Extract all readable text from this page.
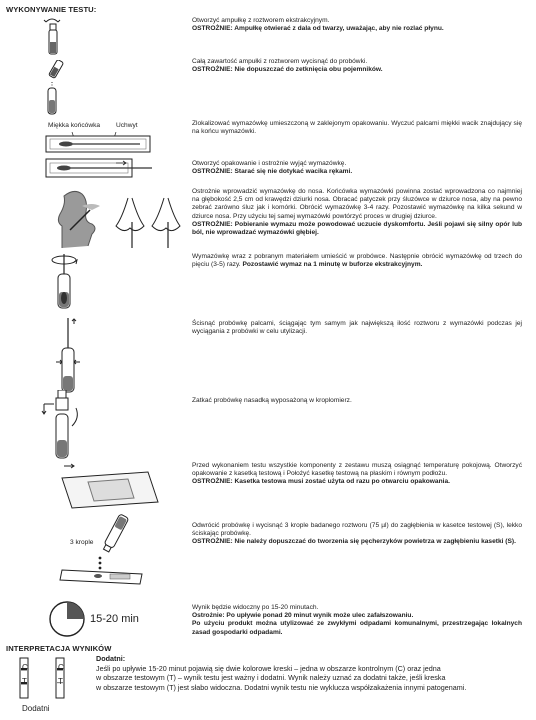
WYKONYWANIE TESTU:
Miękka końcówka Uchwyt
3 krople
15-20 min

Otworzyć ampułkę z roztworem ekstrakcyjnym.

OSTROŻNIE: Ampułkę otwierać z dala od twarzy, uważając, aby nie rozlać płynu.

Całą zawartość ampułki z roztworem wycisnąć do probówki.

OSTROŻNIE: Nie dopuszczać do zetknięcia obu pojemników.

Zlokalizować wymazówkę umieszczoną w zaklejonym opakowaniu. Wyczuć palcami miękki wacik znajdujący się na końcu wymazówki.

Otworzyć opakowanie i ostrożnie wyjąć wymazówkę.

OSTROŻNIE: Starać się nie dotykać wacika rękami.

Ostrożnie wprowadzić wymazówkę do nosa. Końcówka wymazówki powinna zostać wprowadzona co najmniej na głębokość 2,5 cm od krawędzi dziurki nosa. Obracać patyczek przy śluzówce w dziurce nosa, aby na pewno zebrać zarówno śluz jak i komórki. Obrócić wymazówkę 3-4 razy. Pozostawić wymazówkę na kilka sekund w dziurce nosa. Przy użyciu tej samej wymazówki powtórzyć proces w drugiej dziurce.

OSTROŻNIE: Pobieranie wymazu może powodować uczucie dyskomfortu. Jeśli pojawi się silny opór lub ból, nie wprowadzać wymazówki głębiej.

Wymazówkę wraz z pobranym materiałem umieścić w probówce. Następnie obrócić wymazówkę od trzech do pięciu (3-5) razy. Pozostawić wymaz na 1 minutę w buforze ekstrakcyjnym.

Ścisnąć probówkę palcami, ściągając tym samym jak największą ilość roztworu z wymazówki podczas jej wyciągania z probówki w celu utylizacji.

Zatkać probówkę nasadką wyposażoną w kroplomierz.

Przed wykonaniem testu wszystkie komponenty z zestawu muszą osiągnąć temperaturę pokojową. Otworzyć opakowanie z kasetką testową i Położyć kasetkę testową na płaskim i równym podłożu.

OSTROŻNIE: Kasetka testowa musi zostać użyta od razu po otwarciu opakowania.

Odwrócić probówkę i wycisnąć 3 krople badanego roztworu (75 µl) do zagłębienia w kasetce testowej (S), lekko ściskając probówkę.

OSTROŻNIE: Nie należy dopuszczać do tworzenia się pęcherzyków powietrza w zagłębieniu kasetki (S).

Wynik będzie widoczny po 15-20 minutach.

Ostrożnie: Po upływie ponad 20 minut wynik może ulec zafałszowaniu.

Po użyciu produkt można utylizować ze zwykłymi odpadami komunalnymi, przestrzegając lokalnych zasad gospodarki odpadami.

INTERPRETACJA WYNIKÓW
C
T
C
T
Dodatni

Dodatni:

Jeśli po upływie 15-20 minut pojawią się dwie kolorowe kreski – jedna w obszarze kontrolnym (C) oraz jedna

w obszarze testowym (T) – wynik testu jest ważny i dodatni. Wynik należy uznać za dodatni także, jeśli kreska

w obszarze testowym (T) jest słabo widoczna. Dodatni wynik testu nie wyklucza współzakażenia innymi patogenami.
